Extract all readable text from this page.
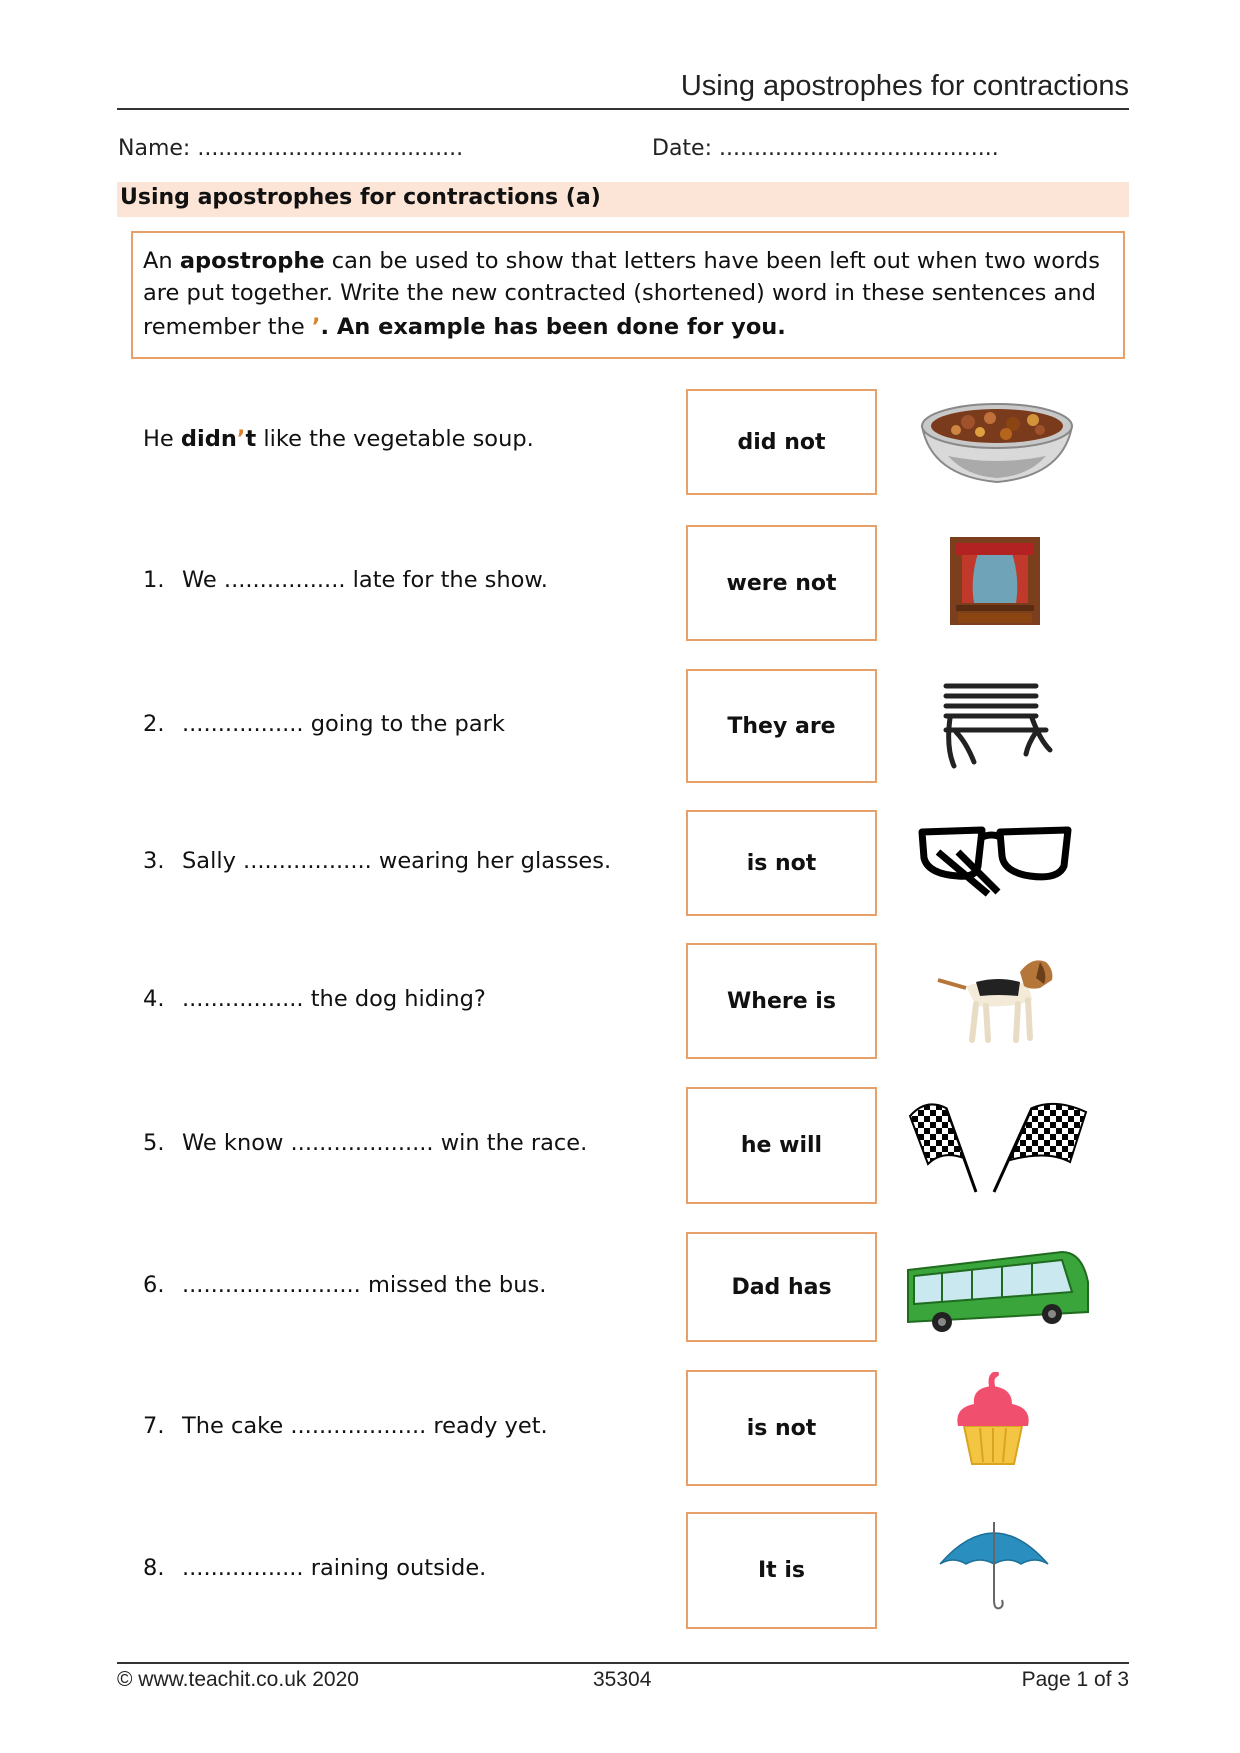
Using apostrophes for contractions
Name: ......................................	Date: ........................................
Using apostrophes for contractions (a)
An apostrophe can be used to show that letters have been left out when two words
are put together. Write the new contracted (shortened) word in these sentences and
remember the ’. An example has been done for you.
He didn’t like the vegetable soup.	did not
1. We ................. late for the show.	were not
2. ................. going to the park	They are
3. Sally .................. wearing her glasses.	is not
4. ................. the dog hiding?	Where is
5. We know .................... win the race.	he will
6. ......................... missed the bus.	Dad has
7. The cake ................... ready yet.	is not
8. ................. raining outside.	It is
© www.teachit.co.uk 2020	35304	Page 1 of 3
